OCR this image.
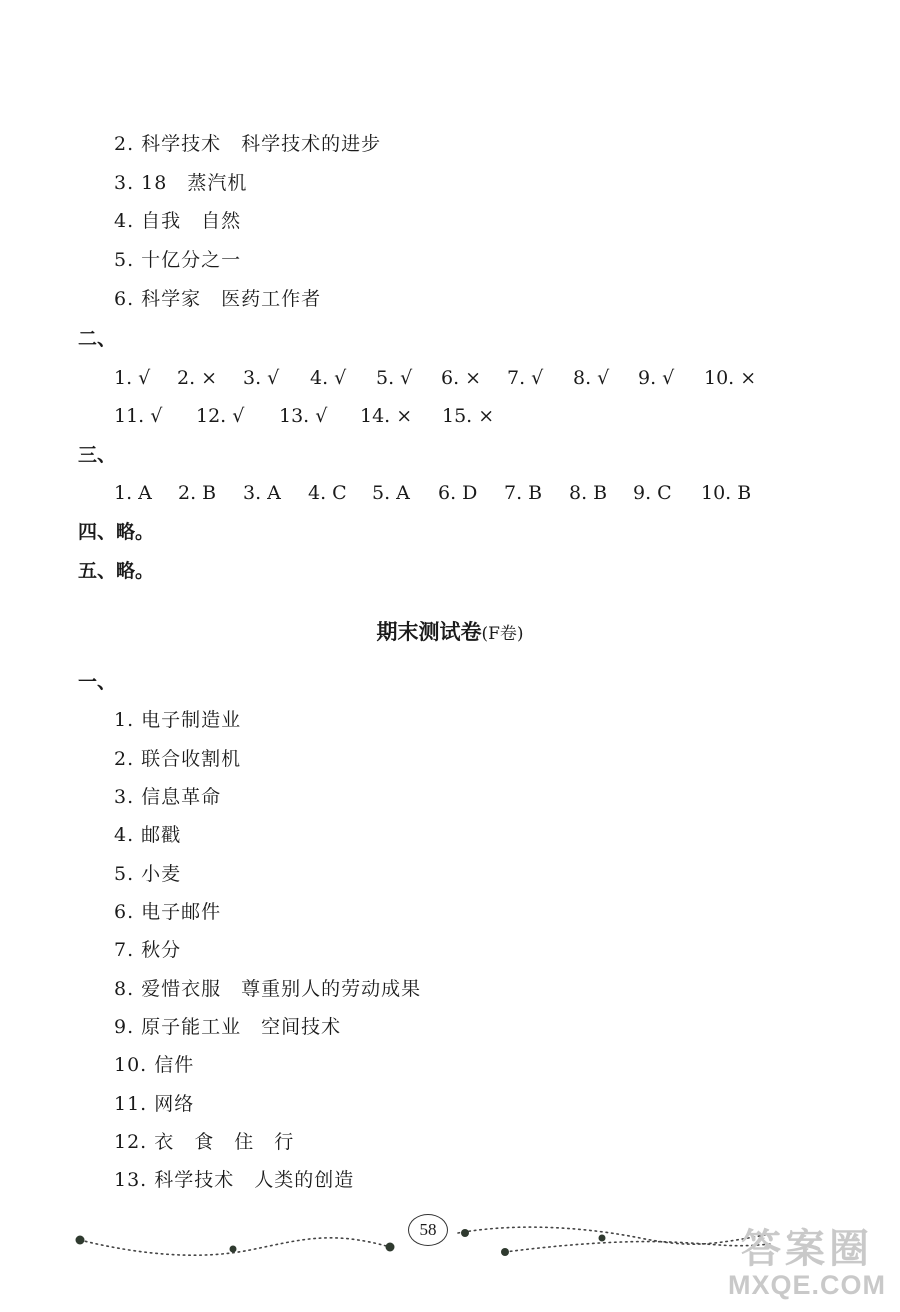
2. 科学技术　科学技术的进步
3. 18　蒸汽机
4. 自我　自然
5. 十亿分之一
6. 科学家　医药工作者
二、
1. √ 2. × 3. √ 4. √ 5. √ 6. × 7. √ 8. √ 9. √ 10. ×
11. √ 12. √ 13. √ 14. × 15. ×
三、
1. A 2. B 3. A 4. C 5. A 6. D 7. B 8. B 9. C 10. B
四、略。
五、略。
期末测试卷(F卷)
一、
1. 电子制造业
2. 联合收割机
3. 信息革命
4. 邮戳
5. 小麦
6. 电子邮件
7. 秋分
8. 爱惜衣服　尊重别人的劳动成果
9. 原子能工业　空间技术
10. 信件
11. 网络
12. 衣　食　住　行
13. 科学技术　人类的创造
58	答案圈
MXQE.COM
